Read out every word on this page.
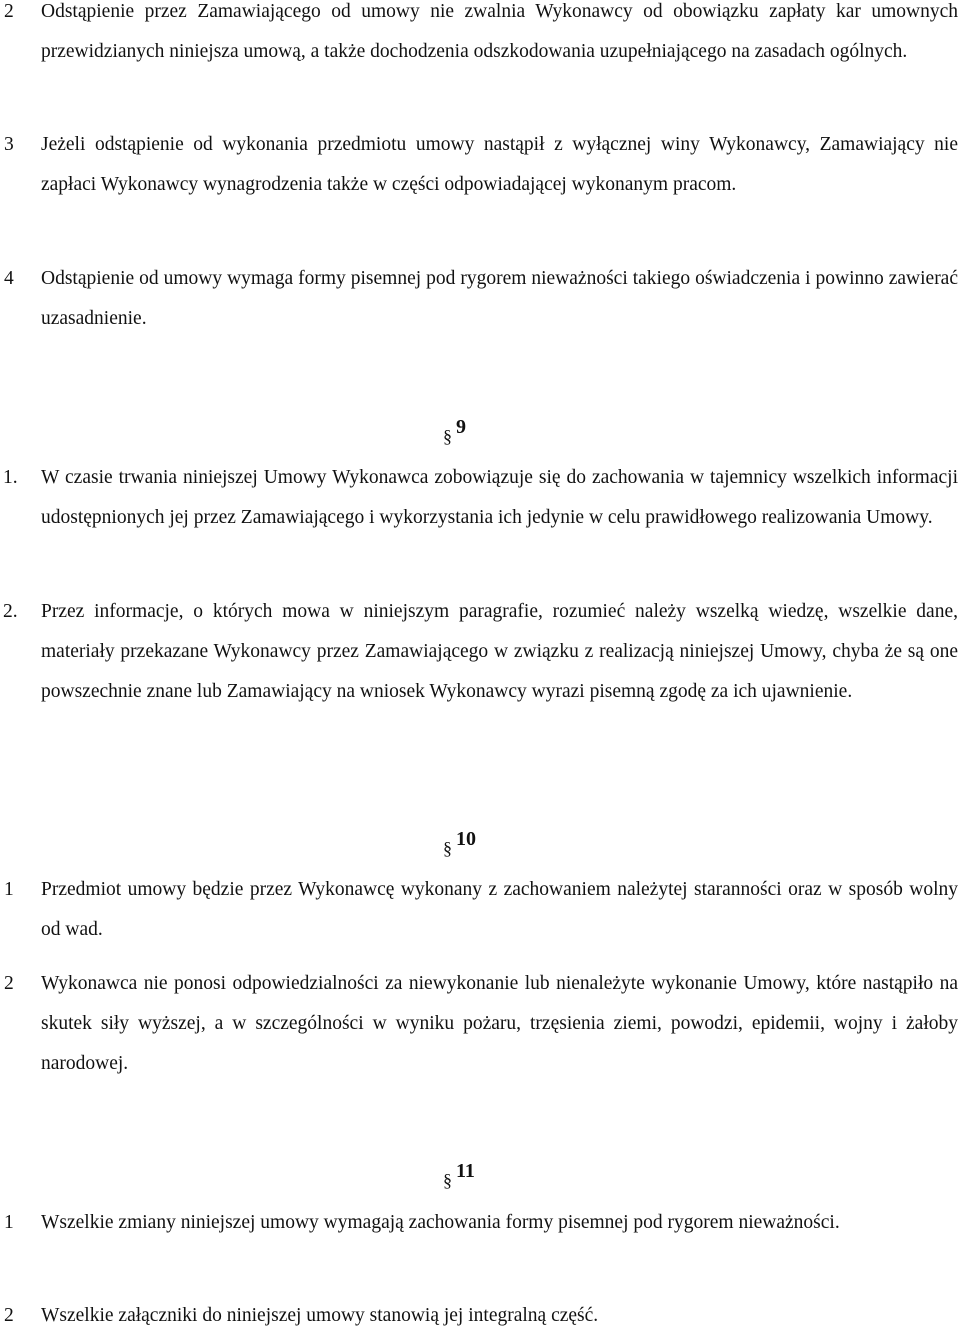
2 Odstąpienie przez Zamawiającego od umowy nie zwalnia Wykonawcy od obowiązku zapłaty kar umownych przewidzianych niniejsza umową, a także dochodzenia odszkodowania uzupełniającego na zasadach ogólnych.
3 Jeżeli odstąpienie od wykonania przedmiotu umowy nastąpił z wyłącznej winy Wykonawcy, Zamawiający nie zapłaci Wykonawcy wynagrodzenia także w części odpowiadającej wykonanym pracom.
4 Odstąpienie od umowy wymaga formy pisemnej pod rygorem nieważności takiego oświadczenia i powinno zawierać uzasadnienie.
§ 9
1. W czasie trwania niniejszej Umowy Wykonawca zobowiązuje się do zachowania w tajemnicy wszelkich informacji udostępnionych jej przez Zamawiającego i wykorzystania ich jedynie w celu prawidłowego realizowania Umowy.
2. Przez informacje, o których mowa w niniejszym paragrafie, rozumieć należy wszelką wiedzę, wszelkie dane, materiały przekazane Wykonawcy przez Zamawiającego w związku z realizacją niniejszej Umowy, chyba że są one powszechnie znane lub Zamawiający na wniosek Wykonawcy wyrazi pisemną zgodę za ich ujawnienie.
§ 10
1 Przedmiot umowy będzie przez Wykonawcę wykonany z zachowaniem należytej staranności oraz w sposób wolny od wad.
2 Wykonawca nie ponosi odpowiedzialności za niewykonanie lub nienależyte wykonanie Umowy, które nastąpiło na skutek siły wyższej, a w szczególności w wyniku pożaru, trzęsienia ziemi, powodzi, epidemii, wojny i żałoby narodowej.
§ 11
1 Wszelkie zmiany niniejszej umowy wymagają zachowania formy pisemnej pod rygorem nieważności.
2 Wszelkie załączniki do niniejszej umowy stanowią jej integralną część.
